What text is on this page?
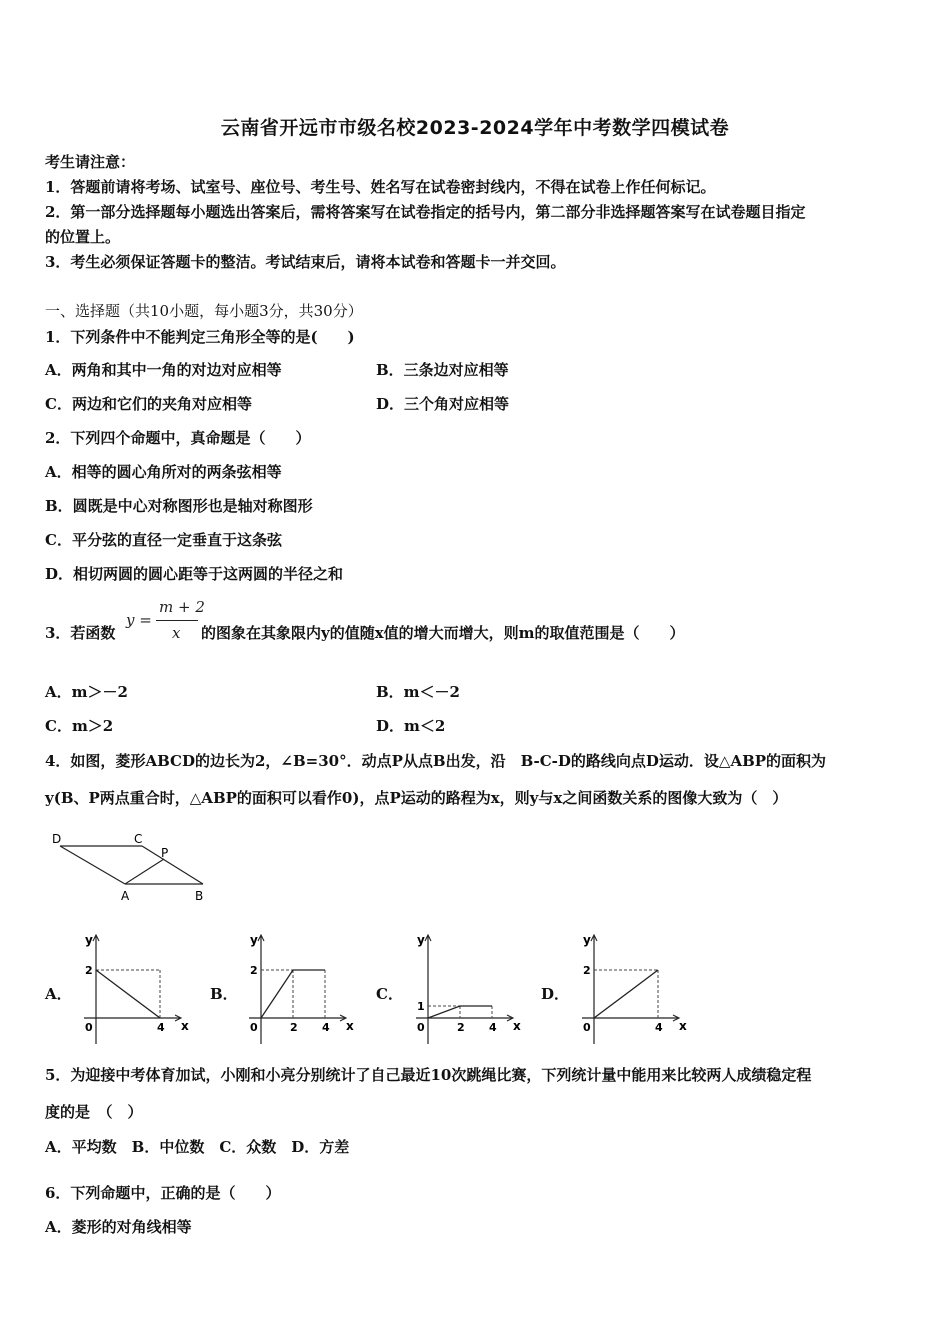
云南省开远市市级名校2023-2024学年中考数学四模试卷
考生请注意：
1．答题前请将考场、试室号、座位号、考生号、姓名写在试卷密封线内，不得在试卷上作任何标记。
2．第一部分选择题每小题选出答案后，需将答案写在试卷指定的括号内，第二部分非选择题答案写在试卷题目指定
的位置上。
3．考生必须保证答题卡的整洁。考试结束后，请将本试卷和答题卡一并交回。
一、选择题（共10小题，每小题3分，共30分）
1．下列条件中不能判定三角形全等的是(　　)
A．两角和其中一角的对边对应相等	B．三条边对应相等
C．两边和它们的夹角对应相等	D．三个角对应相等
2．下列四个命题中，真命题是（　　）
A．相等的圆心角所对的两条弦相等
B．圆既是中心对称图形也是轴对称图形
C．平分弦的直径一定垂直于这条弦
D．相切两圆的圆心距等于这两圆的半径之和
3．若函数
y =
m + 2
x 的图象在其象限内y的值随x值的增大而增大，则m的取值范围是（　　）
A．m＞－2	B．m＜－2
C．m＞2	D．m＜2
4．如图，菱形ABCD的边长为2，∠B=30°．动点P从点B出发，沿　B-C-D的路线向点D运动．设△ABP的面积为
y(B、P两点重合时，△ABP的面积可以看作0)，点P运动的路程为x，则y与x之间函数关系的图像大致为（　）
D	C
P
A	B
A．	B．	C．	D．
y
x
0
2
4
y
x
0
2
2 4
y
x
0
1
2 4
y
x
0
2
4
5．为迎接中考体育加试，小刚和小亮分别统计了自己最近10次跳绳比赛，下列统计量中能用来比较两人成绩稳定程
度的是　（　）
A．平均数　B．中位数　C．众数　D．方差
6．下列命题中，正确的是（　　）
A．菱形的对角线相等
